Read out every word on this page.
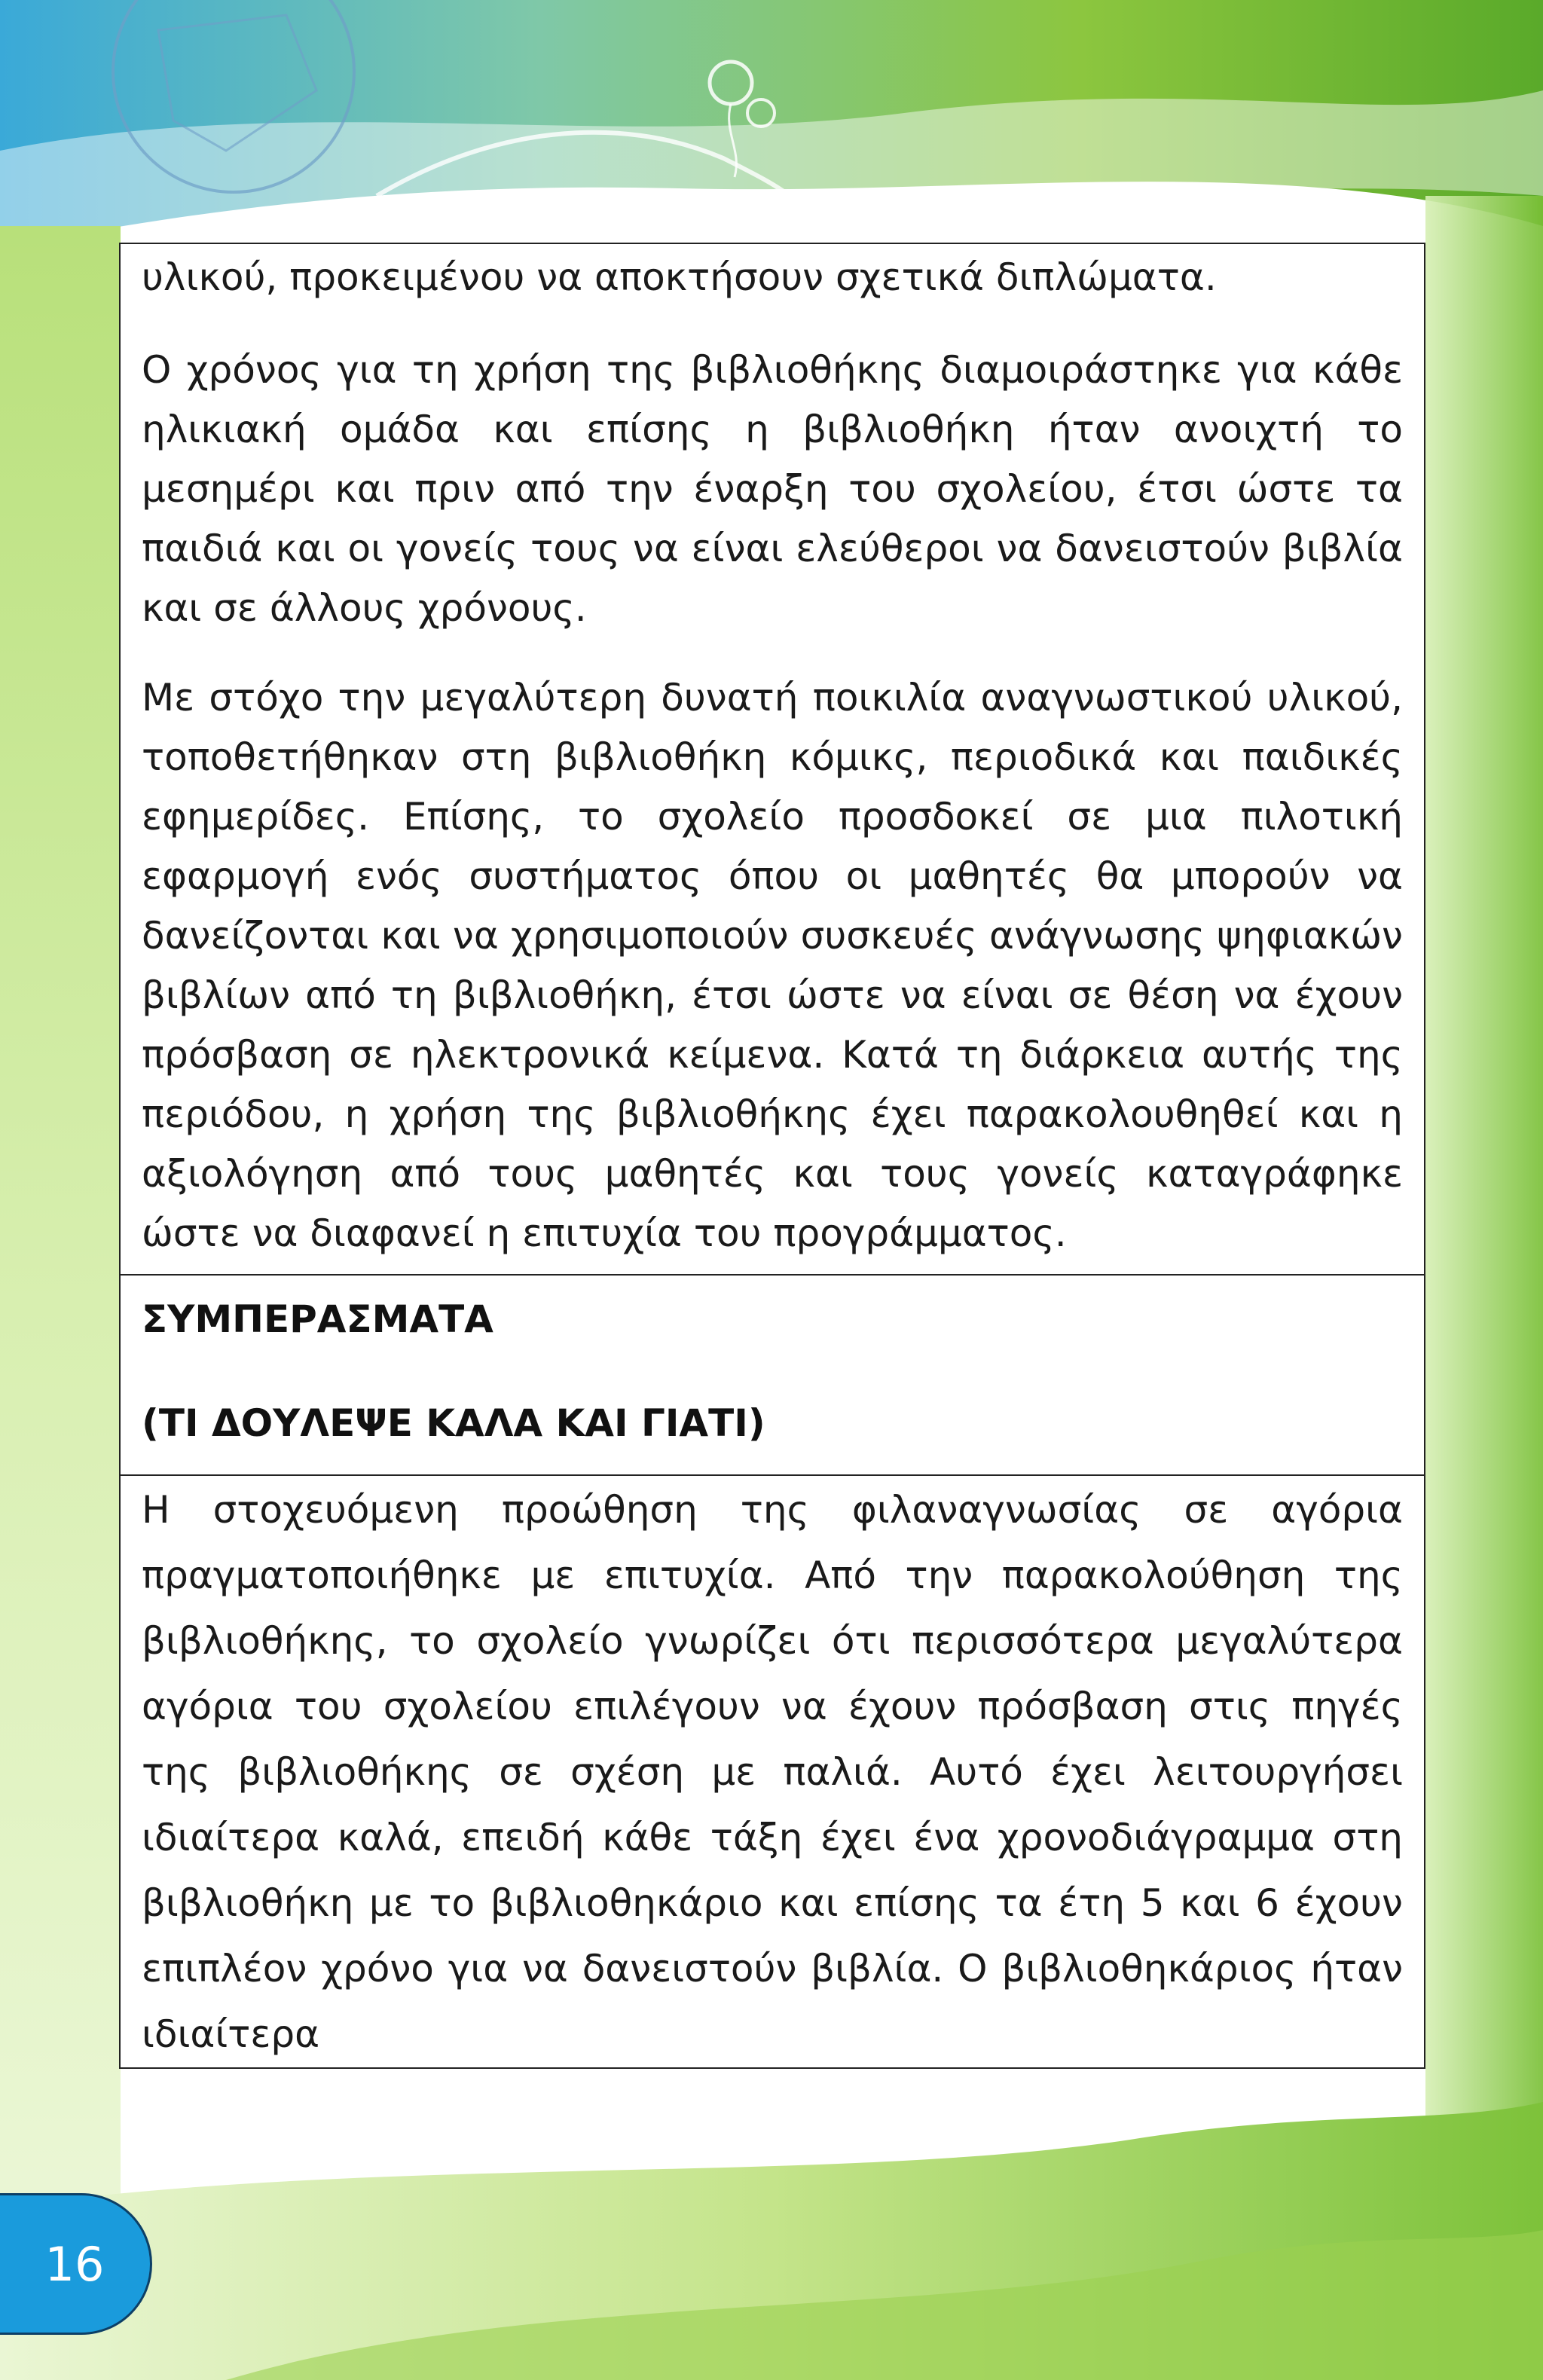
υλικού, προκειμένου να αποκτήσουν σχετικά διπλώματα.

Ο χρόνος για τη χρήση της βιβλιοθήκης διαμοιράστηκε για κάθε ηλικιακή ομάδα και επίσης η βιβλιοθήκη ήταν ανοιχτή το μεσημέρι και πριν από την έναρξη του σχολείου, έτσι ώστε τα παιδιά και οι γονείς τους να είναι ελεύθεροι να δανειστούν βιβλία και σε άλλους χρόνους.

Με στόχο την μεγαλύτερη δυνατή ποικιλία αναγνωστικού υλικού, τοποθετήθηκαν στη βιβλιοθήκη κόμικς, περιοδικά και παιδικές εφημερίδες. Επίσης, το σχολείο προσδοκεί σε μια πιλοτική εφαρμογή ενός συστήματος όπου οι μαθητές θα μπορούν να δανείζονται και να χρησιμοποιούν συσκευές ανάγνωσης ψηφιακών βιβλίων από τη βιβλιοθήκη, έτσι ώστε να είναι σε θέση να έχουν πρόσβαση σε ηλεκτρονικά κείμενα. Κατά τη διάρκεια αυτής της περιόδου, η χρήση της βιβλιοθήκης έχει παρακολουθηθεί και η αξιολόγηση από τους μαθητές και τους γονείς καταγράφηκε ώστε να διαφανεί η επιτυχία του προγράμματος.

ΣΥΜΠΕΡΑΣΜΑΤΑ

(ΤΙ ΔΟΥΛΕΨΕ ΚΑΛΑ ΚΑΙ ΓΙΑΤΙ)

Η στοχευόμενη προώθηση της φιλαναγνωσίας σε αγόρια πραγματοποιήθηκε με επιτυχία. Από την παρακολούθηση της βιβλιοθήκης, το σχολείο γνωρίζει ότι περισσότερα μεγαλύτερα αγόρια του σχολείου επιλέγουν να έχουν πρόσβαση στις πηγές της βιβλιοθήκης σε σχέση με παλιά. Αυτό έχει λειτουργήσει ιδιαίτερα καλά, επειδή κάθε τάξη έχει ένα χρονοδιάγραμμα στη βιβλιοθήκη με το βιβλιοθηκάριο και επίσης τα έτη 5 και 6 έχουν επιπλέον χρόνο για να δανειστούν βιβλία. Ο βιβλιοθηκάριος ήταν ιδιαίτερα

16
